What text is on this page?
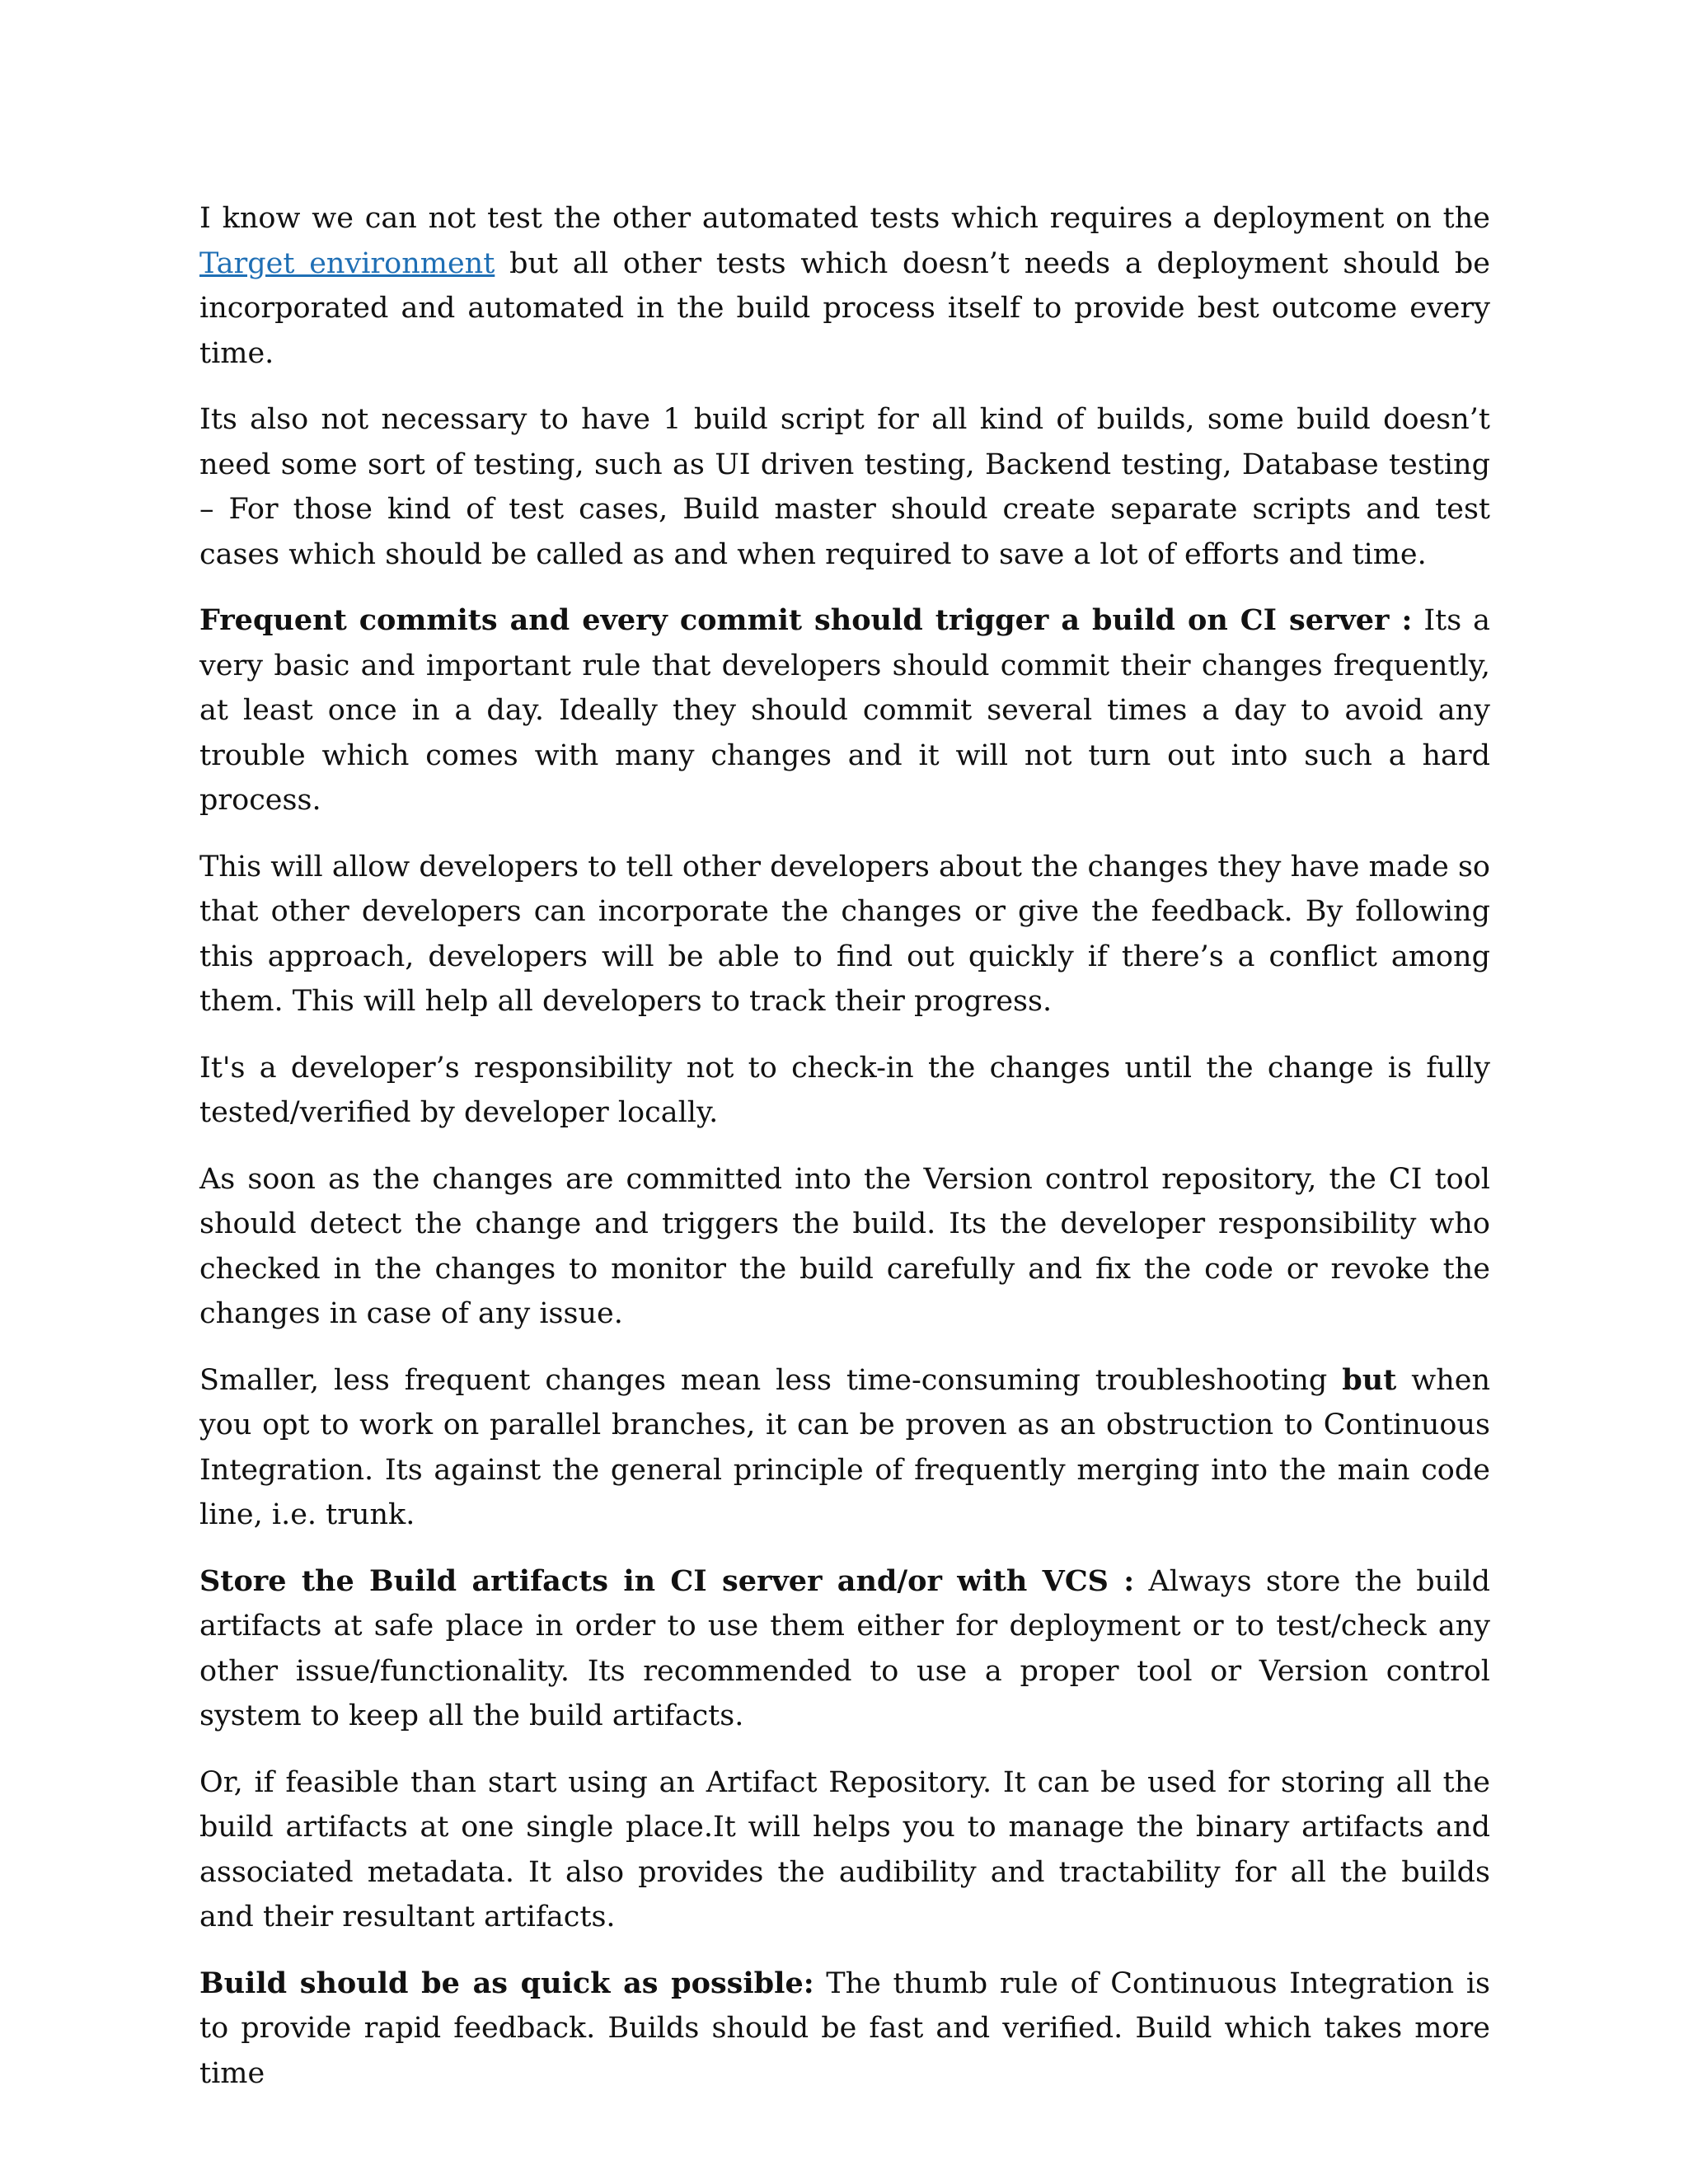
I know we can not test the other automated tests which requires a deployment on the Target environment but all other tests which doesn’t needs a deployment should be incorporated and automated in the build process itself to provide best outcome every time.

Its also not necessary to have 1 build script for all kind of builds, some build doesn’t need some sort of testing, such as UI driven testing, Backend testing, Database testing – For those kind of test cases, Build master should create separate scripts and test cases which should be called as and when required to save a lot of efforts and time.

Frequent commits and every commit should trigger a build on CI server : Its a very basic and important rule that developers should commit their changes frequently, at least once in a day. Ideally they should commit several times a day to avoid any trouble which comes with many changes and it will not turn out into such a hard process.

This will allow developers to tell other developers about the changes they have made so that other developers can incorporate the changes or give the feedback. By following this approach, developers will be able to find out quickly if there’s a conflict among them. This will help all developers to track their progress.

It's a developer’s responsibility not to check-in the changes until the change is fully tested/verified by developer locally.

As soon as the changes are committed into the Version control repository, the CI tool should detect the change and triggers the build. Its the developer responsibility who checked in the changes to monitor the build carefully and fix the code or revoke the changes in case of any issue.

Smaller, less frequent changes mean less time-consuming troubleshooting but when you opt to work on parallel branches, it can be proven as an obstruction to Continuous Integration. Its against the general principle of frequently merging into the main code line, i.e. trunk.

Store the Build artifacts in CI server and/or with VCS : Always store the build artifacts at safe place in order to use them either for deployment or to test/check any other issue/functionality. Its recommended to use a proper tool or Version control system to keep all the build artifacts.

Or, if feasible than start using an Artifact Repository. It can be used for storing all the build artifacts at one single place.It will helps you to manage the binary artifacts and associated metadata. It also provides the audibility and tractability for all the builds and their resultant artifacts.

Build should be as quick as possible: The thumb rule of Continuous Integration is to provide rapid feedback. Builds should be fast and verified. Build which takes more time
